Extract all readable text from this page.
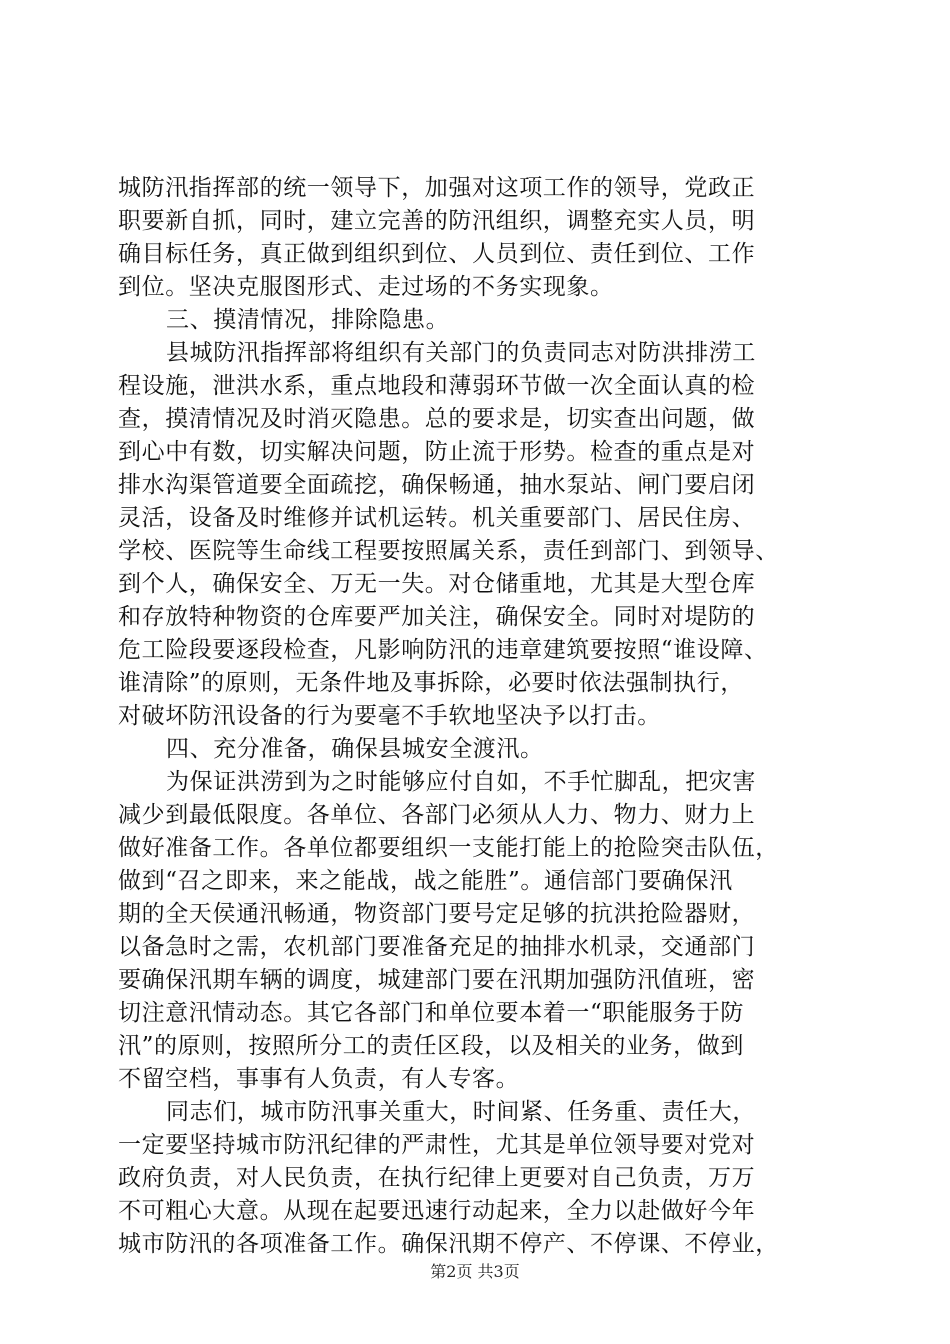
城防汛指挥部的统一领导下，加强对这项工作的领导，党政正
职要新自抓，同时，建立完善的防汛组织，调整充实人员，明
确目标任务，真正做到组织到位、人员到位、责任到位、工作
到位。坚决克服图形式、走过场的不务实现象。
三、摸清情况，排除隐患。
县城防汛指挥部将组织有关部门的负责同志对防洪排涝工
程设施，泄洪水系，重点地段和薄弱环节做一次全面认真的检
查，摸清情况及时消灭隐患。总的要求是，切实查出问题，做
到心中有数，切实解决问题，防止流于形势。检查的重点是对
排水沟渠管道要全面疏挖，确保畅通，抽水泵站、闸门要启闭
灵活，设备及时维修并试机运转。机关重要部门、居民住房、
学校、医院等生命线工程要按照属关系，责任到部门、到领导、
到个人，确保安全、万无一失。对仓储重地，尤其是大型仓库
和存放特种物资的仓库要严加关注，确保安全。同时对堤防的
危工险段要逐段检查，凡影响防汛的违章建筑要按照“谁设障、
谁清除”的原则，无条件地及事拆除，必要时依法强制执行，
对破坏防汛设备的行为要毫不手软地坚决予以打击。
四、充分准备，确保县城安全渡汛。
为保证洪涝到为之时能够应付自如，不手忙脚乱，把灾害
减少到最低限度。各单位、各部门必须从人力、物力、财力上
做好准备工作。各单位都要组织一支能打能上的抢险突击队伍，
做到“召之即来，来之能战，战之能胜”。通信部门要确保汛
期的全天侯通汛畅通，物资部门要号定足够的抗洪抢险器财，
以备急时之需，农机部门要准备充足的抽排水机录，交通部门
要确保汛期车辆的调度，城建部门要在汛期加强防汛值班，密
切注意汛情动态。其它各部门和单位要本着一“职能服务于防
汛”的原则，按照所分工的责任区段，以及相关的业务，做到
不留空档，事事有人负责，有人专客。
同志们，城市防汛事关重大，时间紧、任务重、责任大，
一定要坚持城市防汛纪律的严肃性，尤其是单位领导要对党对
政府负责，对人民负责，在执行纪律上更要对自己负责，万万
不可粗心大意。从现在起要迅速行动起来，全力以赴做好今年
城市防汛的各项准备工作。确保汛期不停产、不停课、不停业，
第2页 共3页
